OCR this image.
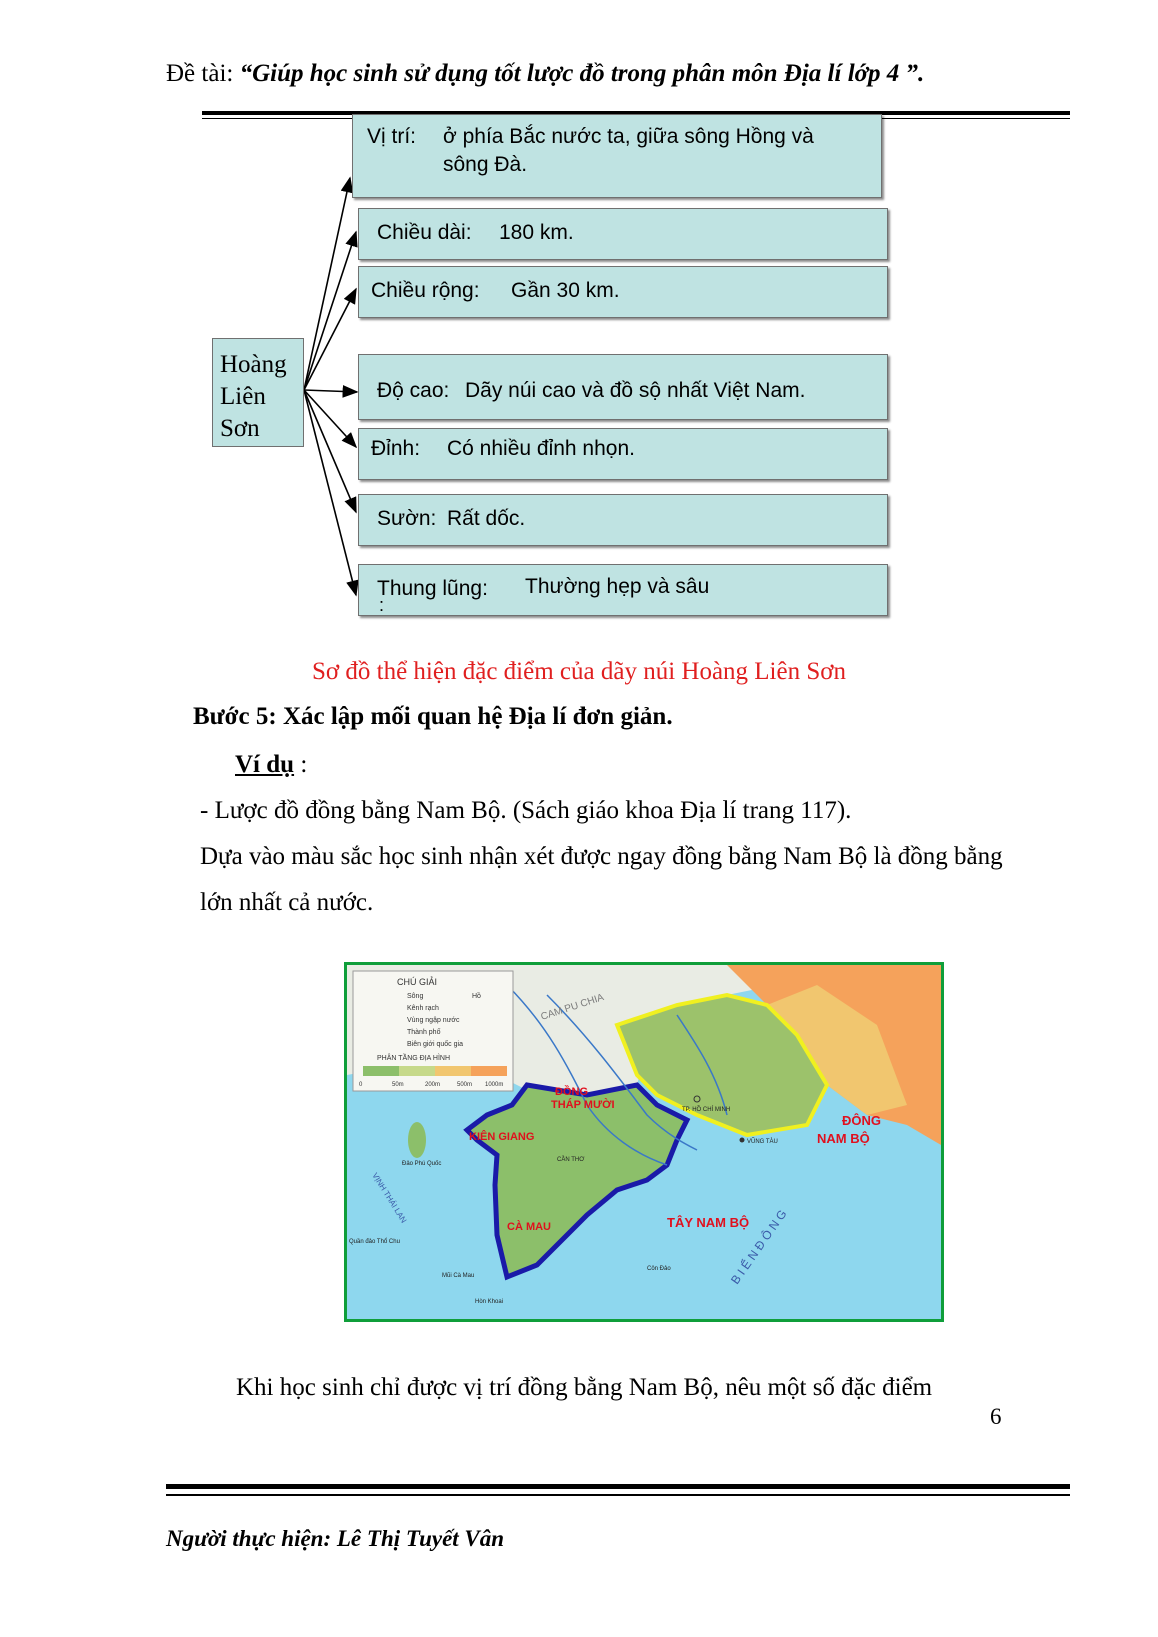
Đề tài: “Giúp học sinh sử dụng tốt lược đồ trong phân môn Địa lí lớp 4 ”.
Hoàng
Liên
Sơn
Vị trí: ở phía Bắc nước ta, giữa sông Hồng và
sông Đà.
Chiều dài: 180 km.
Chiều rộng: Gần 30 km.
Độ cao: Dãy núi cao và đồ sộ nhất Việt Nam.
Đỉnh: Có nhiều đỉnh nhọn.
Sườn: Rất dốc.
Thung lũng: Thường hẹp và sâu
:
Sơ đồ thể hiện đặc điểm của dãy núi Hoàng Liên Sơn
Bước 5: Xác lập mối quan hệ Địa lí đơn giản.
Ví dụ :
- Lược đồ đồng bằng Nam Bộ. (Sách giáo khoa Địa lí trang 117).
Dựa vào màu sắc học sinh nhận xét được ngay đồng bằng Nam Bộ là đồng bằng
lớn nhất cả nước.
CHÚ GIẢI
Sông	Hồ
Kênh rạch
Vùng ngập nước
Thành phố
Biên giới quốc gia
PHÂN TẦNG ĐỊA HÌNH
0	50m	200m	500m 1000m
CAM PU CHIA
ĐỒNG
THÁP MƯỜI
KIÊN GIANG
CÀ MAU	TÂY NAM BỘ
ĐÔNG
NAM BỘ
TP. HỒ CHÍ MINH
VŨNG TÀU
CẦN THƠ
Đảo Phú Quốc
VỊNH THÁI LAN
Quần đảo Thổ Chu
Mũi Cà Mau
Hòn Khoai
Côn Đảo	B I Ể N Đ Ô N G
Khi học sinh chỉ được vị trí đồng bằng Nam Bộ, nêu một số đặc điểm
6
Người thực hiện: Lê Thị Tuyết Vân
